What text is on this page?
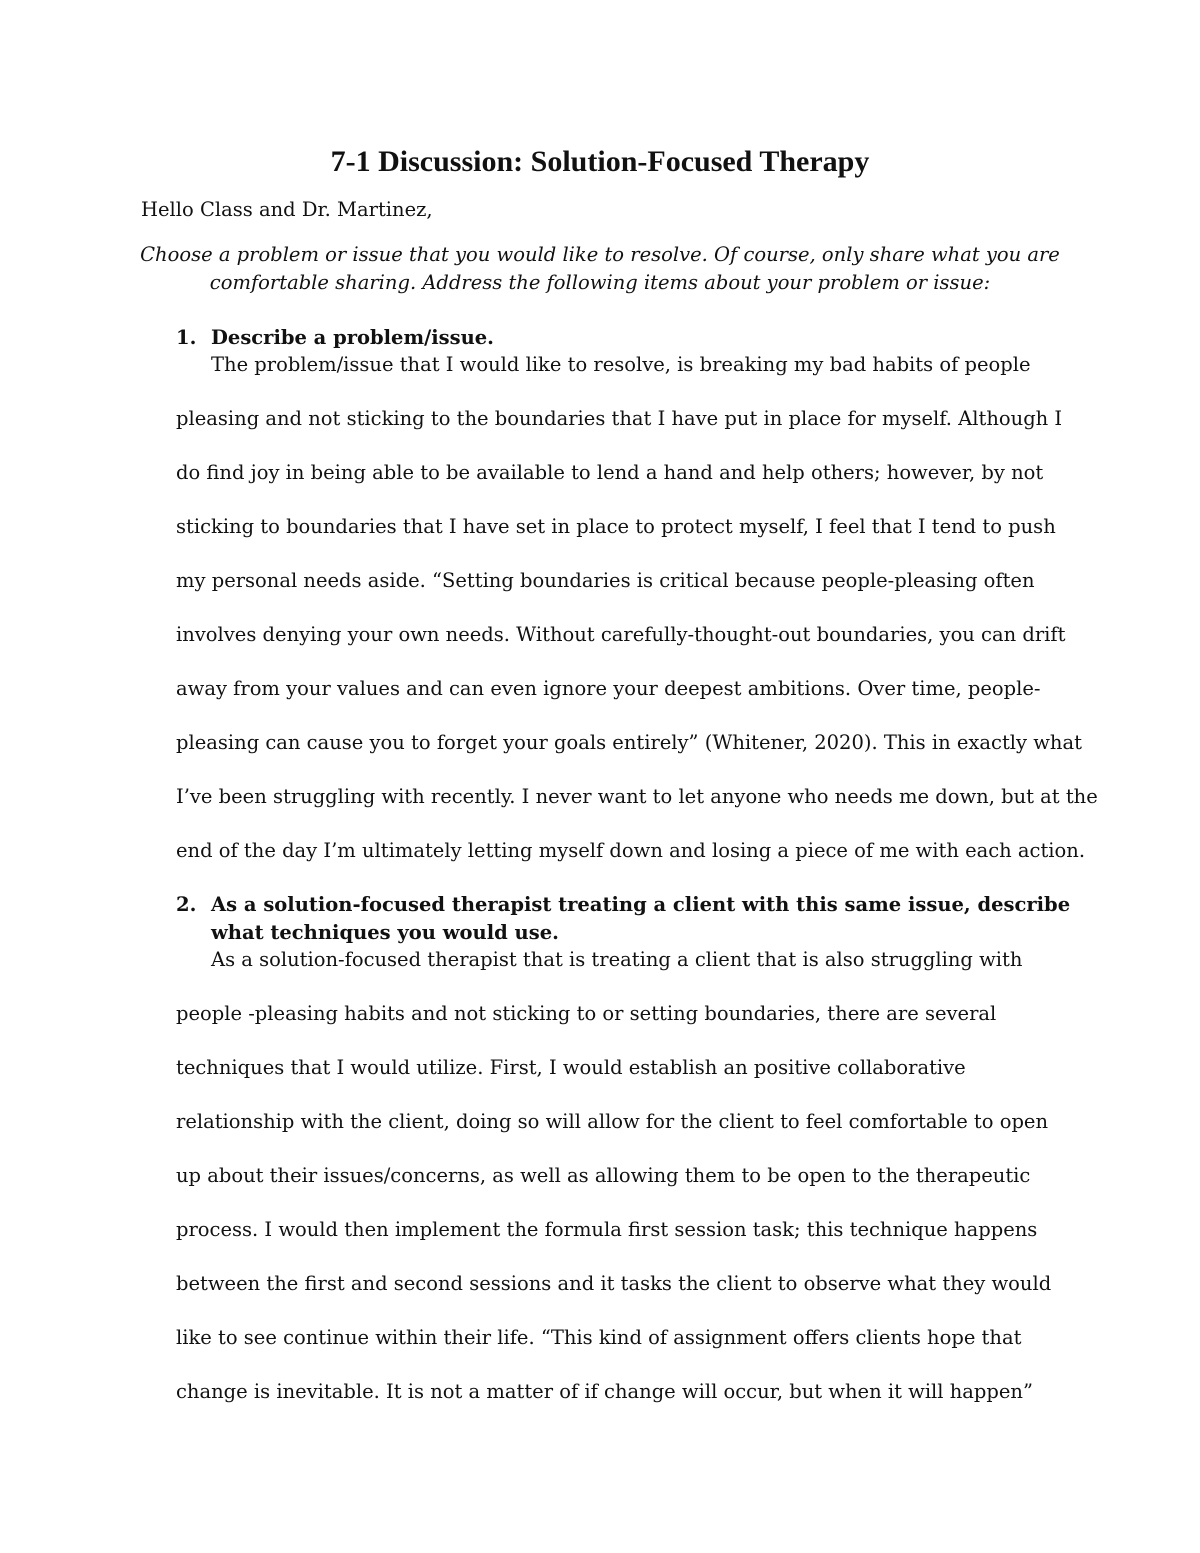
7-1 Discussion: Solution-Focused Therapy

Hello Class and Dr. Martinez,

Choose a problem or issue that you would like to resolve. Of course, only share what you are
comfortable sharing. Address the following items about your problem or issue:
1. Describe a problem/issue.

The problem/issue that I would like to resolve, is breaking my bad habits of people

pleasing and not sticking to the boundaries that I have put in place for myself. Although I

do find joy in being able to be available to lend a hand and help others; however, by not

sticking to boundaries that I have set in place to protect myself, I feel that I tend to push

my personal needs aside. “Setting boundaries is critical because people-pleasing often

involves denying your own needs. Without carefully-thought-out boundaries, you can drift

away from your values and can even ignore your deepest ambitions. Over time, people-

pleasing can cause you to forget your goals entirely” (Whitener, 2020). This in exactly what

I’ve been struggling with recently. I never want to let anyone who needs me down, but at the

end of the day I’m ultimately letting myself down and losing a piece of me with each action.

2. As a solution-focused therapist treating a client with this same issue, describe
what techniques you would use.

As a solution-focused therapist that is treating a client that is also struggling with

people -pleasing habits and not sticking to or setting boundaries, there are several

techniques that I would utilize. First, I would establish an positive collaborative

relationship with the client, doing so will allow for the client to feel comfortable to open

up about their issues/concerns, as well as allowing them to be open to the therapeutic

process. I would then implement the formula first session task; this technique happens

between the first and second sessions and it tasks the client to observe what they would

like to see continue within their life. “This kind of assignment offers clients hope that

change is inevitable. It is not a matter of if change will occur, but when it will happen”
